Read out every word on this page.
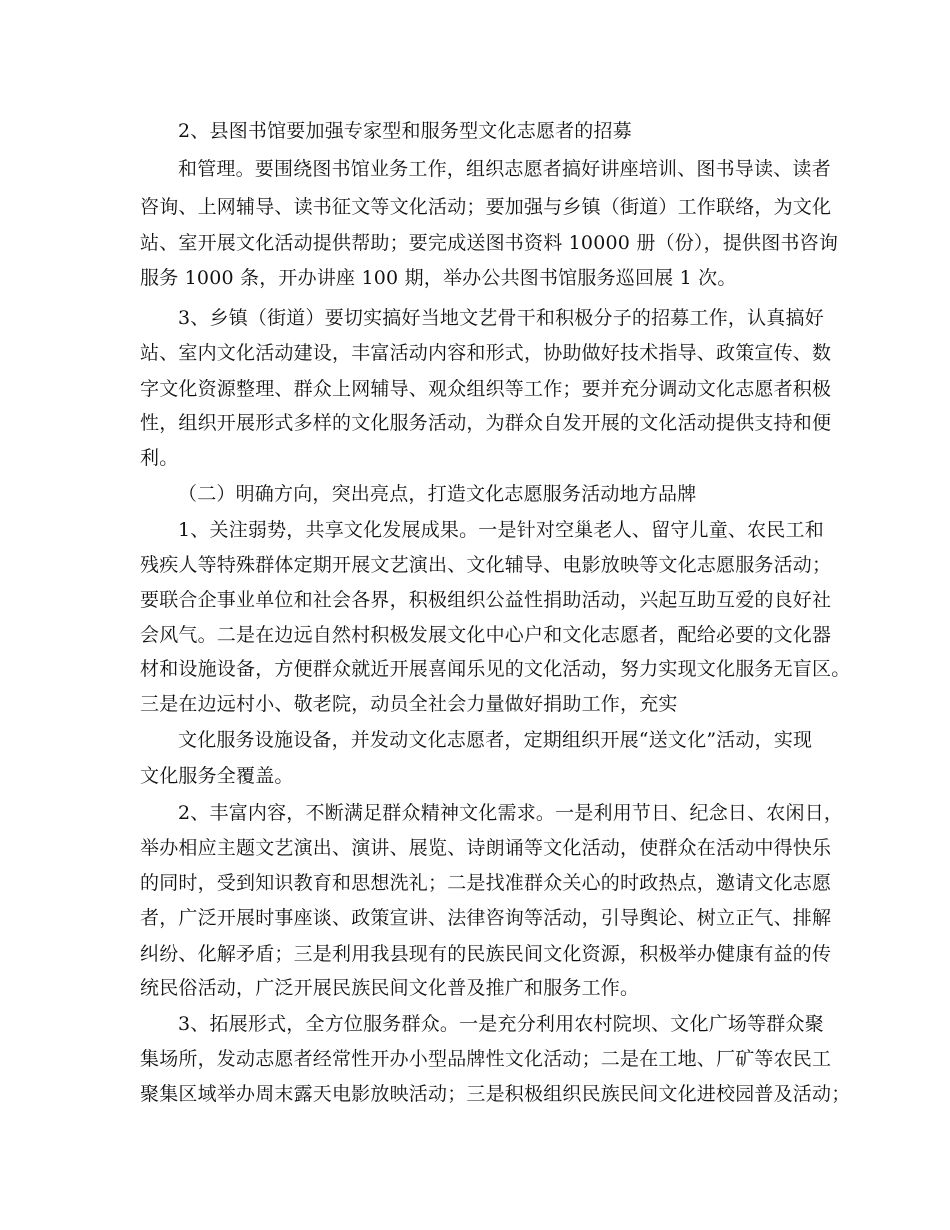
2、县图书馆要加强专家型和服务型文化志愿者的招募
和管理。要围绕图书馆业务工作，组织志愿者搞好讲座培训、图书导读、读者
咨询、上网辅导、读书征文等文化活动；要加强与乡镇（街道）工作联络，为文化
站、室开展文化活动提供帮助；要完成送图书资料 10000 册（份），提供图书咨询
服务 1000 条，开办讲座 100 期，举办公共图书馆服务巡回展 1 次。
3、乡镇（街道）要切实搞好当地文艺骨干和积极分子的招募工作，认真搞好
站、室内文化活动建设，丰富活动内容和形式，协助做好技术指导、政策宣传、数
字文化资源整理、群众上网辅导、观众组织等工作；要并充分调动文化志愿者积极
性，组织开展形式多样的文化服务活动，为群众自发开展的文化活动提供支持和便
利。
（二）明确方向，突出亮点，打造文化志愿服务活动地方品牌
1、关注弱势，共享文化发展成果。一是针对空巢老人、留守儿童、农民工和
残疾人等特殊群体定期开展文艺演出、文化辅导、电影放映等文化志愿服务活动；
要联合企事业单位和社会各界，积极组织公益性捐助活动，兴起互助互爱的良好社
会风气。二是在边远自然村积极发展文化中心户和文化志愿者，配给必要的文化器
材和设施设备，方便群众就近开展喜闻乐见的文化活动，努力实现文化服务无盲区。
三是在边远村小、敬老院，动员全社会力量做好捐助工作，充实
文化服务设施设备，并发动文化志愿者，定期组织开展“送文化”活动，实现
文化服务全覆盖。
2、丰富内容，不断满足群众精神文化需求。一是利用节日、纪念日、农闲日，
举办相应主题文艺演出、演讲、展览、诗朗诵等文化活动，使群众在活动中得快乐
的同时，受到知识教育和思想洗礼；二是找准群众关心的时政热点，邀请文化志愿
者，广泛开展时事座谈、政策宣讲、法律咨询等活动，引导舆论、树立正气、排解
纠纷、化解矛盾；三是利用我县现有的民族民间文化资源，积极举办健康有益的传
统民俗活动，广泛开展民族民间文化普及推广和服务工作。
3、拓展形式，全方位服务群众。一是充分利用农村院坝、文化广场等群众聚
集场所，发动志愿者经常性开办小型品牌性文化活动；二是在工地、厂矿等农民工
聚集区域举办周末露天电影放映活动；三是积极组织民族民间文化进校园普及活动；
